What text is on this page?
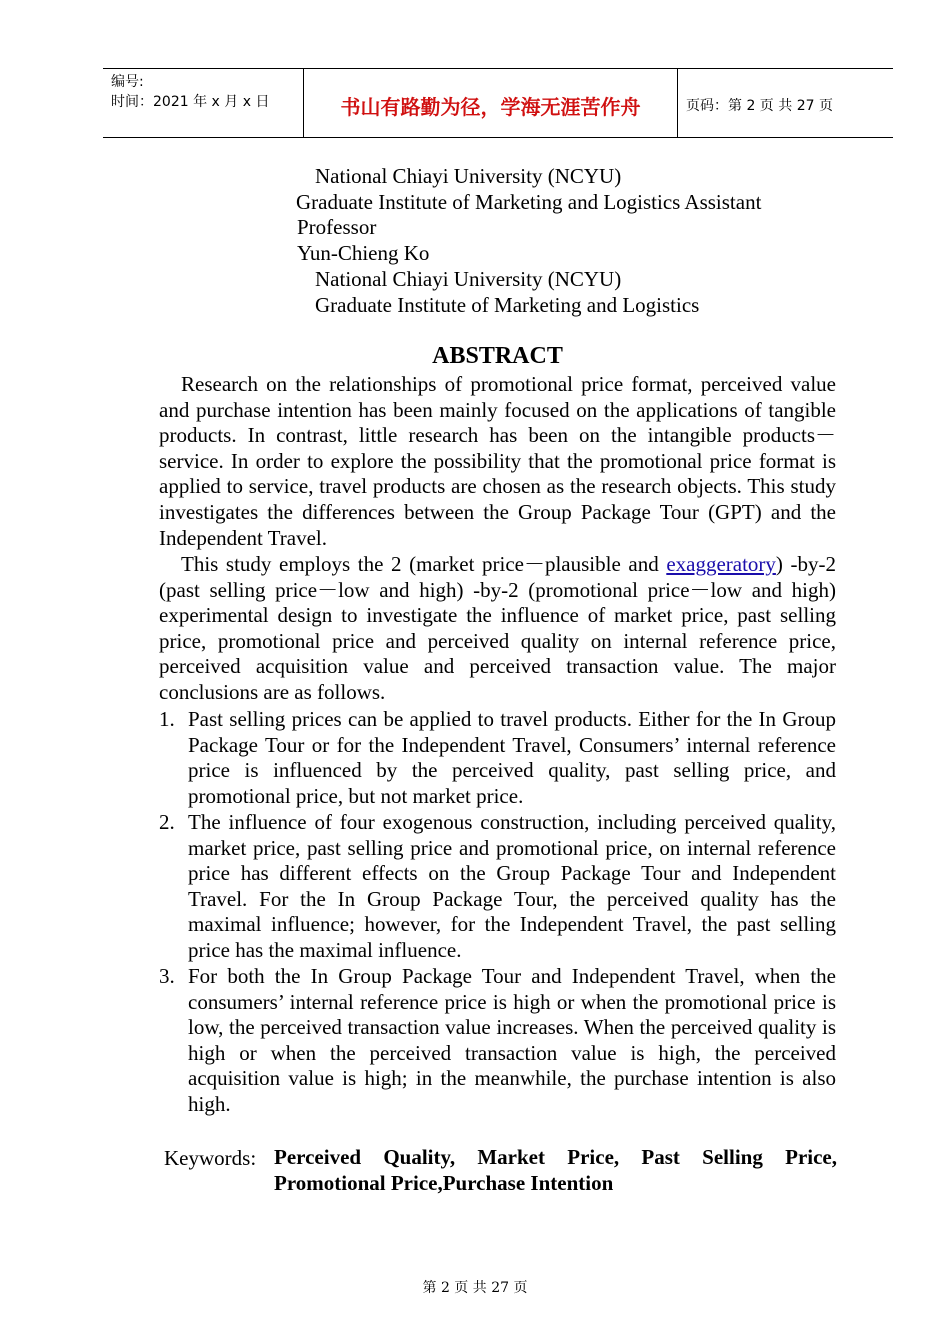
编号:
时间：2021 年 x 月 x 日	书山有路勤为径，学海无涯苦作舟	页码：第 2 页 共 27 页
National Chiayi University (NCYU)
Graduate Institute of Marketing and Logistics Assistant
Professor
Yun-Chieng Ko
National Chiayi University (NCYU)
Graduate Institute of Marketing and Logistics
ABSTRACT
Research on the relationships of promotional price format, perceived value and purchase intention has been mainly focused on the applications of tangible products. In contrast, little research has been on the intangible products－service. In order to explore the possibility that the promotional price format is applied to service, travel products are chosen as the research objects. This study investigates the differences between the Group Package Tour (GPT) and the Independent Travel.
This study employs the 2 (market price－plausible and exaggeratory) -by-2 (past selling price－low and high) -by-2 (promotional price－low and high) experimental design to investigate the influence of market price, past selling price, promotional price and perceived quality on internal reference price, perceived acquisition value and perceived transaction value. The major conclusions are as follows.
1. Past selling prices can be applied to travel products. Either for the In Group Package Tour or for the Independent Travel, Consumers’ internal reference price is influenced by the perceived quality, past selling price, and promotional price, but not market price.
2. The influence of four exogenous construction, including perceived quality, market price, past selling price and promotional price, on internal reference price has different effects on the Group Package Tour and Independent Travel. For the In Group Package Tour, the perceived quality has the maximal influence; however, for the Independent Travel, the past selling price has the maximal influence.
3. For both the In Group Package Tour and Independent Travel, when the consumers’ internal reference price is high or when the promotional price is low, the perceived transaction value increases. When the perceived quality is high or when the perceived transaction value is high, the perceived acquisition value is high; in the meanwhile, the purchase intention is also high.
Keywords: Perceived Quality, Market Price, Past Selling Price, Promotional Price,Purchase Intention
第 2 页 共 27 页
